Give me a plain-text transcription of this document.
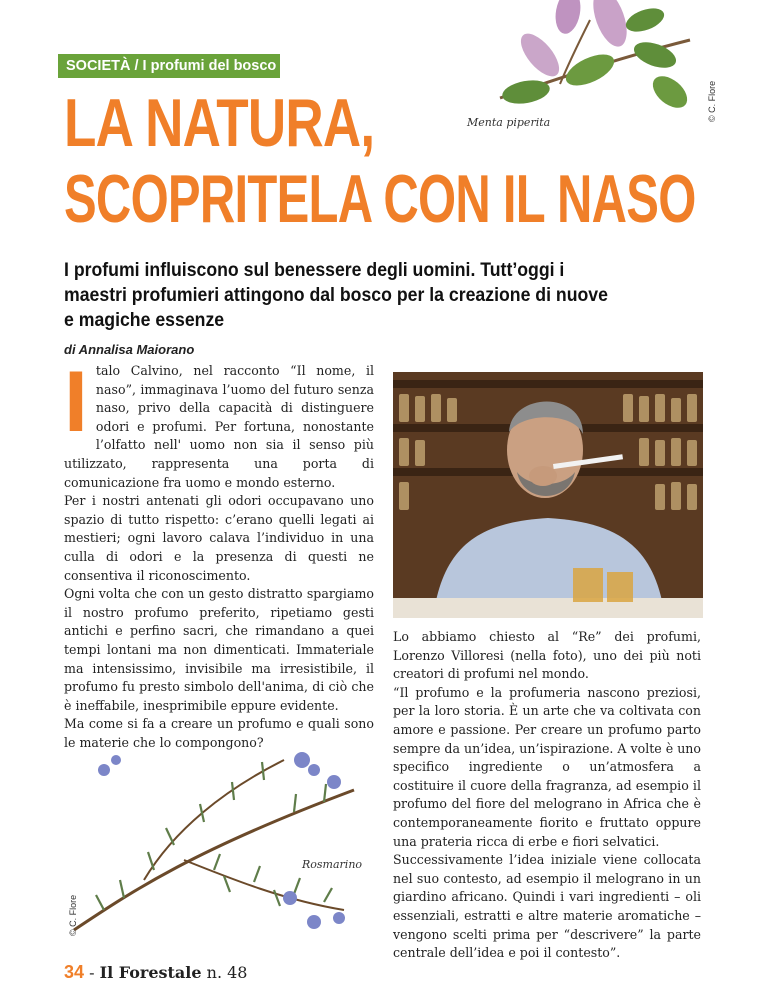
SOCIETÀ / I profumi del bosco
Menta piperita
© C. Flore
LA NATURA,
SCOPRITELA CON IL NASO

I profumi influiscono sul benessere degli uomini. Tutt’oggi i maestri profumieri attingono dal bosco per la creazione di nuove e magiche essenze

di Annalisa Maiorano
I talo Calvino, nel racconto “Il nome, il naso”, immaginava l’uomo del futuro senza naso, privo della capacità di distinguere odori e profumi. Per fortuna, nonostante l’olfatto nell' uomo non sia il senso più utilizzato, rappresenta una porta di comunicazione fra uomo e mondo esterno.

Per i nostri antenati gli odori occupavano uno spazio di tutto rispetto: c’erano quelli legati ai mestieri; ogni lavoro calava l’individuo in una culla di odori e la presenza di questi ne consentiva il riconoscimento.

Ogni volta che con un gesto distratto spargiamo il nostro profumo preferito, ripetiamo gesti antichi e perfino sacri, che rimandano a quei tempi lontani ma non dimenticati. Immateriale ma intensissimo, invisibile ma irresistibile, il profumo fu presto simbolo dell'anima, di ciò che è ineffabile, inesprimibile eppure evidente.

Ma come si fa a creare un profumo e quali sono le materie che lo compongono?

Lo abbiamo chiesto al “Re” dei profumi, Lorenzo Villoresi (nella foto), uno dei più noti creatori di profumi nel mondo.

“Il profumo e la profumeria nascono preziosi, per la loro storia. È un arte che va coltivata con amore e passione. Per creare un profumo parto sempre da un’idea, un’ispirazione. A volte è uno specifico ingrediente o un’atmosfera a costituire il cuore della fragranza, ad esempio il profumo del fiore del melograno in Africa che è contemporaneamente fiorito e fruttato oppure una prateria ricca di erbe e fiori selvatici.

Successivamente l’idea iniziale viene collocata nel suo contesto, ad esempio il melograno in un giardino africano. Quindi i vari ingredienti – oli essenziali, estratti e altre materie aromatiche – vengono scelti prima per “descrivere” la parte centrale dell’idea e poi il contesto”.

Rosmarino
© C. Flore
34 - Il Forestale n. 48
